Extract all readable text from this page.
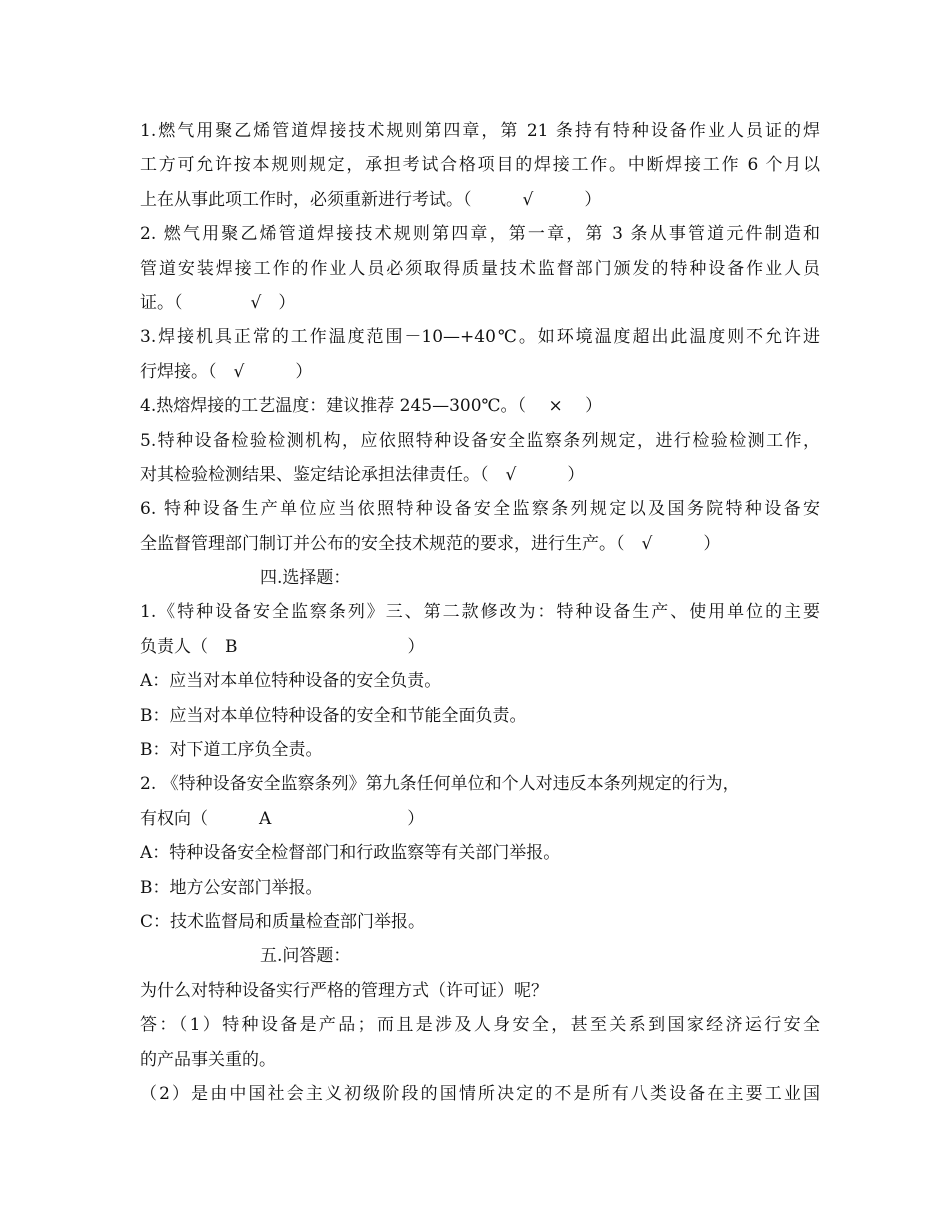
1.燃气用聚乙烯管道焊接技术规则第四章，第 21 条持有特种设备作业人员证的焊
工方可允许按本规则规定，承担考试合格项目的焊接工作。中断焊接工作 6 个月以
上在从事此项工作时，必须重新进行考试。（　　　√　　　）
2. 燃气用聚乙烯管道焊接技术规则第四章，第一章，第 3 条从事管道元件制造和
管道安装焊接工作的作业人员必须取得质量技术监督部门颁发的特种设备作业人员
证。（　　　　√　）
3.焊接机具正常的工作温度范围－10—+40℃。如环境温度超出此温度则不允许进
行焊接。（　√　　　）
4.热熔焊接的工艺温度：建议推荐 245—300℃。（　 ×　 ）
5.特种设备检验检测机构，应依照特种设备安全监察条列规定，进行检验检测工作，
对其检验检测结果、鉴定结论承担法律责任。（　√　　　）
6. 特种设备生产单位应当依照特种设备安全监察条列规定以及国务院特种设备安
全监督管理部门制订并公布的安全技术规范的要求，进行生产。（　√　　　）
四.选择题：
1.《特种设备安全监察条列》三、第二款修改为：特种设备生产、使用单位的主要
负责人（　B　　　　　　　　　　）
A：应当对本单位特种设备的安全负责。
B：应当对本单位特种设备的安全和节能全面负责。
B：对下道工序负全责。
2. 《特种设备安全监察条列》第九条任何单位和个人对违反本条列规定的行为，
有权向（　　　A　　　　　　　　）
A：特种设备安全检督部门和行政监察等有关部门举报。
B：地方公安部门举报。
C：技术监督局和质量检查部门举报。
五.问答题：
为什么对特种设备实行严格的管理方式（许可证）呢？
答：（1）特种设备是产品；而且是涉及人身安全，甚至关系到国家经济运行安全
的产品事关重的。
（2）是由中国社会主义初级阶段的国情所决定的不是所有八类设备在主要工业国
